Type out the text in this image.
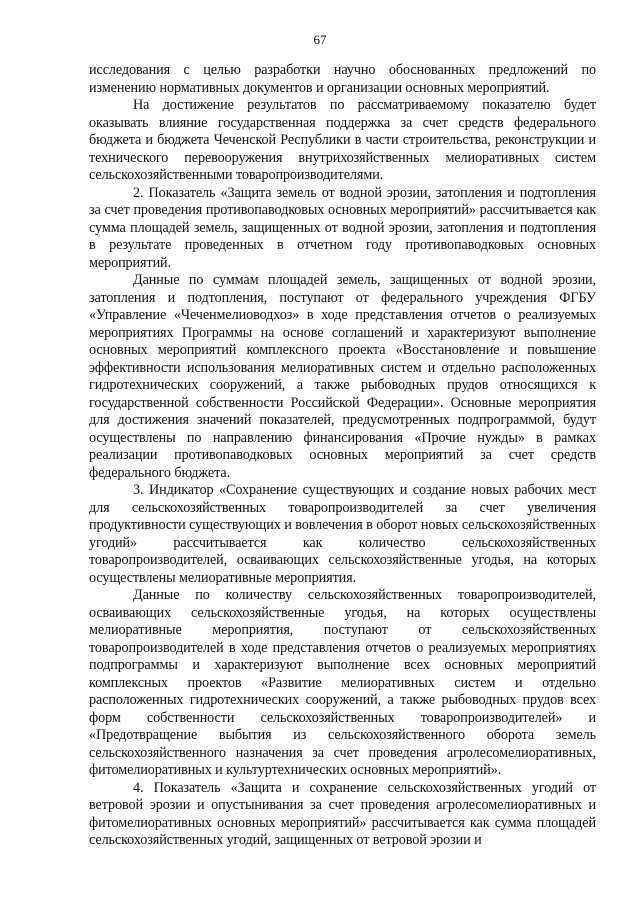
67

исследования с целью разработки научно обоснованных предложений по изменению нормативных документов и организации основных мероприятий.

На достижение результатов по рассматриваемому показателю будет оказывать влияние государственная поддержка за счет средств федерального бюджета и бюджета Чеченской Республики в части строительства, реконструкции и технического перевооружения внутрихозяйственных мелиоративных систем сельскохозяйственными товаропроизводителями.

2. Показатель «Защита земель от водной эрозии, затопления и подтопления за счет проведения противопаводковых основных мероприятий» рассчитывается как сумма площадей земель, защищенных от водной эрозии, затопления и подтопления в результате проведенных в отчетном году противопаводковых основных мероприятий.

Данные по суммам площадей земель, защищенных от водной эрозии, затопления и подтопления, поступают от федерального учреждения ФГБУ «Управление «Чеченмелиоводхоз» в ходе представления отчетов о реализуемых мероприятиях Программы на основе соглашений и характеризуют выполнение основных мероприятий комплексного проекта «Восстановление и повышение эффективности использования мелиоративных систем и отдельно расположенных гидротехнических сооружений, а также рыбоводных прудов относящихся к государственной собственности Российской Федерации». Основные мероприятия для достижения значений показателей, предусмотренных подпрограммой, будут осуществлены по направлению финансирования «Прочие нужды» в рамках реализации противопаводковых основных мероприятий за счет средств федерального бюджета.

3. Индикатор «Сохранение существующих и создание новых рабочих мест для сельскохозяйственных товаропроизводителей за счет увеличения продуктивности существующих и вовлечения в оборот новых сельскохозяйственных угодий» рассчитывается как количество сельскохозяйственных товаропроизводителей, осваивающих сельскохозяйственные угодья, на которых осуществлены мелиоративные мероприятия.

Данные по количеству сельскохозяйственных товаропроизводителей, осваивающих сельскохозяйственные угодья, на которых осуществлены мелиоративные мероприятия, поступают от сельскохозяйственных товаропроизводителей в ходе представления отчетов о реализуемых мероприятиях подпрограммы и характеризуют выполнение всех основных мероприятий комплексных проектов «Развитие мелиоративных систем и отдельно расположенных гидротехнических сооружений, а также рыбоводных прудов всех форм собственности сельскохозяйственных товаропроизводителей» и «Предотвращение выбытия из сельскохозяйственного оборота земель сельскохозяйственного назначения за счет проведения агролесомелиоративных, фитомелиоративных и культуртехнических основных мероприятий».

4. Показатель «Защита и сохранение сельскохозяйственных угодий от ветровой эрозии и опустынивания за счет проведения агролесомелиоративных и фитомелиоративных основных мероприятий» рассчитывается как сумма площадей сельскохозяйственных угодий, защищенных от ветровой эрозии и
